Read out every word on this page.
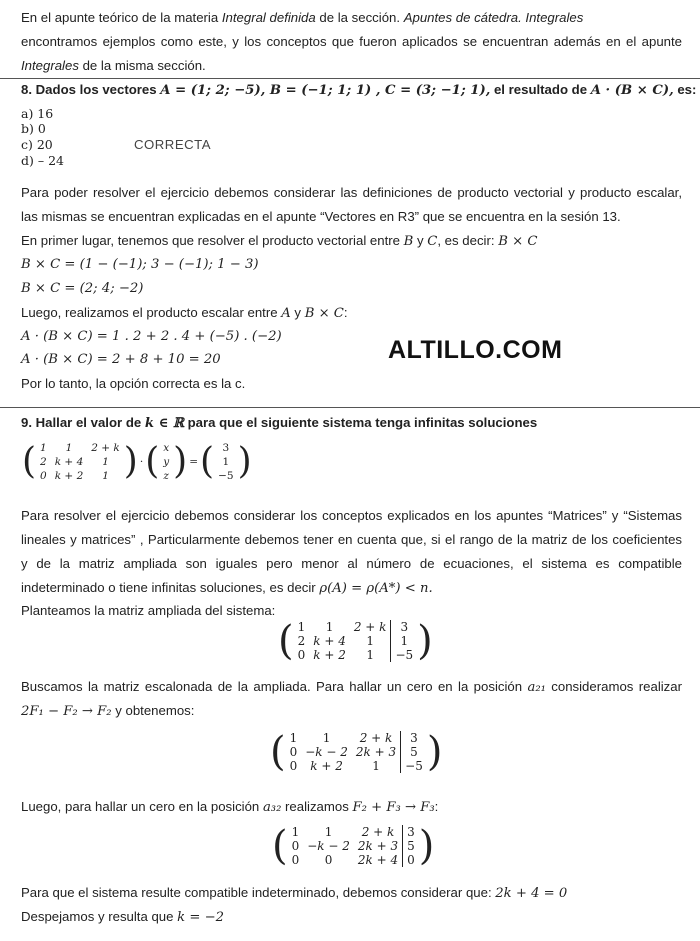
En el apunte teórico de la materia Integral definida de la sección. Apuntes de cátedra. Integrales
encontramos ejemplos como este, y los conceptos que fueron aplicados se encuentran además en el apunte
Integrales de la misma sección.
8. Dados los vectores A = (1; 2; −5), B = (−1; 1; 1) , C = (3; −1; 1), el resultado de A · (B × C), es:
a) 16
b) 0
c) 20	CORRECTA
d) – 24
Para poder resolver el ejercicio debemos considerar las definiciones de producto vectorial y producto escalar,
las mismas se encuentran explicadas en el apunte “Vectores en R3” que se encuentra en la sesión 13.
En primer lugar, tenemos que resolver el producto vectorial entre B y C, es decir: B × C
B × C = (1 − (−1); 3 − (−1); 1 − 3)
B × C = (2; 4; −2)
Luego, realizamos el producto escalar entre A y B × C:
A · (B × C) = 1 . 2 + 2 . 4 + (−5) . (−2)
A · (B × C) = 2 + 8 + 10 = 20	ALTILLO.COM
Por lo tanto, la opción correcta es la c.
9. Hallar el valor de k ∈ ℝ para que el siguiente sistema tenga infinitas soluciones
(	1	1	2 + k
2	k + 4	1
0	k + 2	1
	)	·	(	x
y
z
	)	=	(	3
1
−5
	)
Para resolver el ejercicio debemos considerar los conceptos explicados en los apuntes “Matrices” y “Sistemas
lineales y matrices” , Particularmente debemos tener en cuenta que, si el rango de la matriz de los coeficientes
y de la matriz ampliada son iguales pero menor al número de ecuaciones, el sistema es compatible
indeterminado o tiene infinitas soluciones, es decir ρ(A) = ρ(A*) < n.
Planteamos la matriz ampliada del sistema:
(	1	1	2 + k	3
2	k + 4	1	1
0	k + 2	1	−5
	)
Buscamos la matriz escalonada de la ampliada. Para hallar un cero en la posición a₂₁ consideramos realizar
2F₁ − F₂ → F₂ y obtenemos:
(	1	1	2 + k	3
0	−k − 2	2k + 3	5
0	k + 2	1	−5
	)
Luego, para hallar un cero en la posición a₃₂ realizamos F₂ + F₃ → F₃:
(	1	1	2 + k	3
0	−k − 2	2k + 3	5
0	0	2k + 4	0
	)
Para que el sistema resulte compatible indeterminado, debemos considerar que: 2k + 4 = 0
Despejamos y resulta que k = −2
